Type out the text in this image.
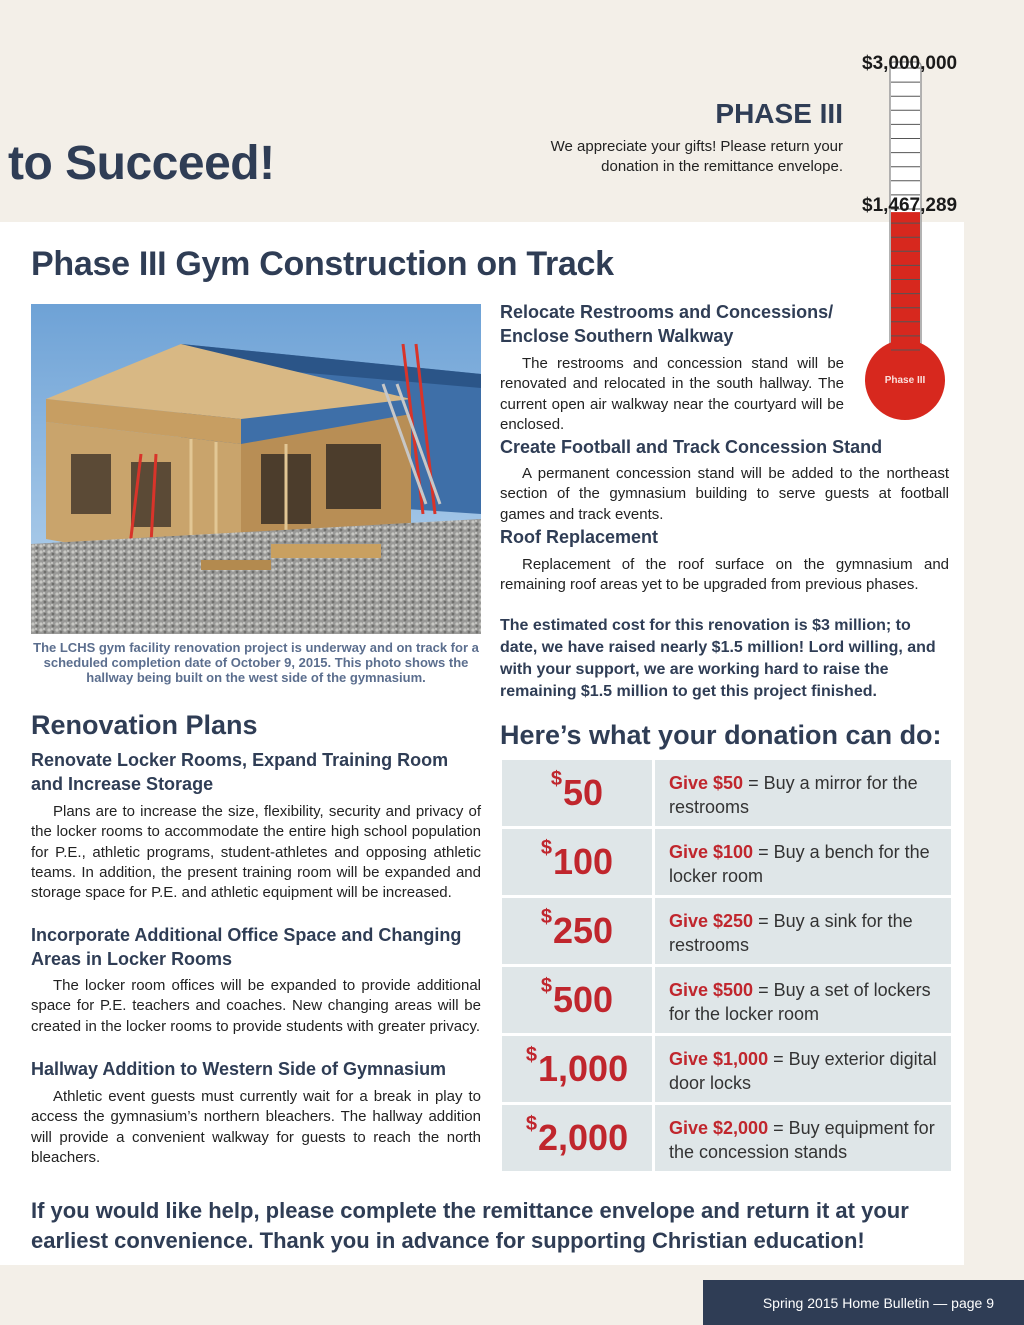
to Succeed!
PHASE III
We appreciate your gifts! Please return your donation in the remittance envelope.
Phase III Gym Construction on Track
The LCHS gym facility renovation project is underway and on track for a scheduled completion date of October 9, 2015. This photo shows the hallway being built on the west side of the gymnasium.
Renovation Plans
Renovate Locker Rooms, Expand Training Room and Increase Storage
Plans are to increase the size, flexibility, security and privacy of the locker rooms to accommodate the entire high school population for P.E., athletic programs, student-athletes and opposing athletic teams. In addition, the present training room will be expanded and storage space for P.E. and athletic equipment will be increased.
Incorporate Additional Office Space and Changing Areas in Locker Rooms
The locker room offices will be expanded to provide additional space for P.E. teachers and coaches. New changing areas will be created in the locker rooms to provide students with greater privacy.
Hallway Addition to Western Side of Gymnasium
Athletic event guests must currently wait for a break in play to access the gymnasium’s northern bleachers. The hallway addition will provide a convenient walkway for guests to reach the north bleachers.
Relocate Restrooms and Concessions/ Enclose Southern Walkway
The restrooms and concession stand will be renovated and relocated in the south hallway. The current open air walkway near the courtyard will be enclosed.
Create Football and Track Concession Stand
A permanent concession stand will be added to the northeast section of the gymnasium building to serve guests at football games and track events.
Roof Replacement
Replacement of the roof surface on the gymnasium and remaining roof areas yet to be upgraded from previous phases.
The estimated cost for this renovation is $3 million; to date, we have raised nearly $1.5 million! Lord willing, and with your support, we are working hard to raise the remaining $1.5 million to get this project finished.
Here’s what your donation can do:
$50	Give $50 = Buy a mirror for the restrooms
$100	Give $100 = Buy a bench for the locker room
$250	Give $250 = Buy a sink for the restrooms
$500	Give $500 = Buy a set of lockers for the locker room
$1,000	Give $1,000 = Buy exterior digital door locks
$2,000	Give $2,000 = Buy equipment for the concession stands
If you would like help, please complete the remittance envelope and return it at your earliest convenience. Thank you in advance for supporting Christian education!
Spring 2015 Home Bulletin — page 9
Phase III
$3,000,000
$1,467,289
